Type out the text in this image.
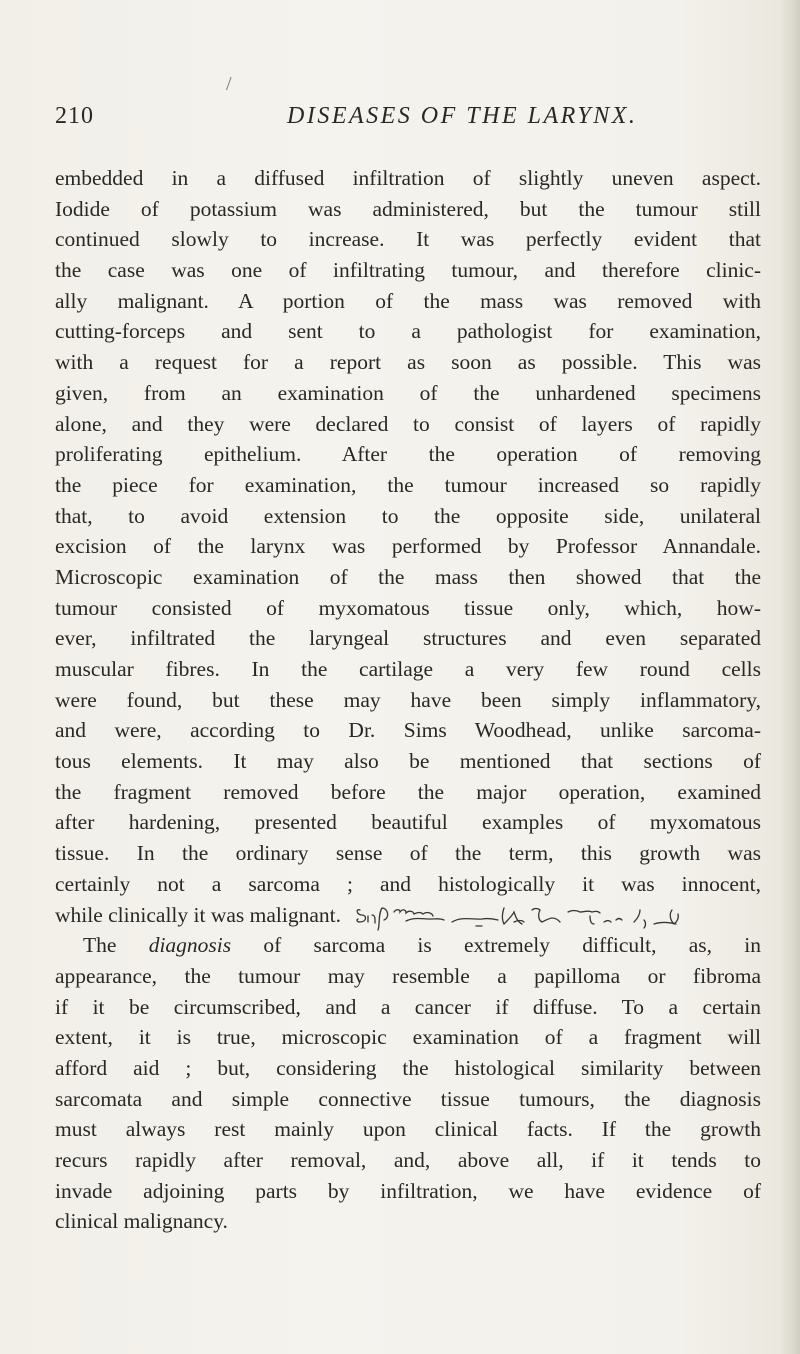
/
210	DISEASES OF THE LARYNX.
embedded in a diffused infiltration of slightly uneven aspect.
Iodide of potassium was administered, but the tumour still
continued slowly to increase. It was perfectly evident that
the case was one of infiltrating tumour, and therefore clinic-
ally malignant. A portion of the mass was removed with
cutting-forceps and sent to a pathologist for examination,
with a request for a report as soon as possible. This was
given, from an examination of the unhardened specimens
alone, and they were declared to consist of layers of rapidly
proliferating epithelium. After the operation of removing
the piece for examination, the tumour increased so rapidly
that, to avoid extension to the opposite side, unilateral
excision of the larynx was performed by Professor Annandale.
Microscopic examination of the mass then showed that the
tumour consisted of myxomatous tissue only, which, how-
ever, infiltrated the laryngeal structures and even separated
muscular fibres. In the cartilage a very few round cells
were found, but these may have been simply inflammatory,
and were, according to Dr. Sims Woodhead, unlike sarcoma-
tous elements. It may also be mentioned that sections of
the fragment removed before the major operation, examined
after hardening, presented beautiful examples of myxomatous
tissue. In the ordinary sense of the term, this growth was
certainly not a sarcoma ; and histologically it was innocent,
while clinically it was malignant.
The diagnosis of sarcoma is extremely difficult, as, in
appearance, the tumour may resemble a papilloma or fibroma
if it be circumscribed, and a cancer if diffuse. To a certain
extent, it is true, microscopic examination of a fragment will
afford aid ; but, considering the histological similarity between
sarcomata and simple connective tissue tumours, the diagnosis
must always rest mainly upon clinical facts. If the growth
recurs rapidly after removal, and, above all, if it tends to
invade adjoining parts by infiltration, we have evidence of
clinical malignancy.
